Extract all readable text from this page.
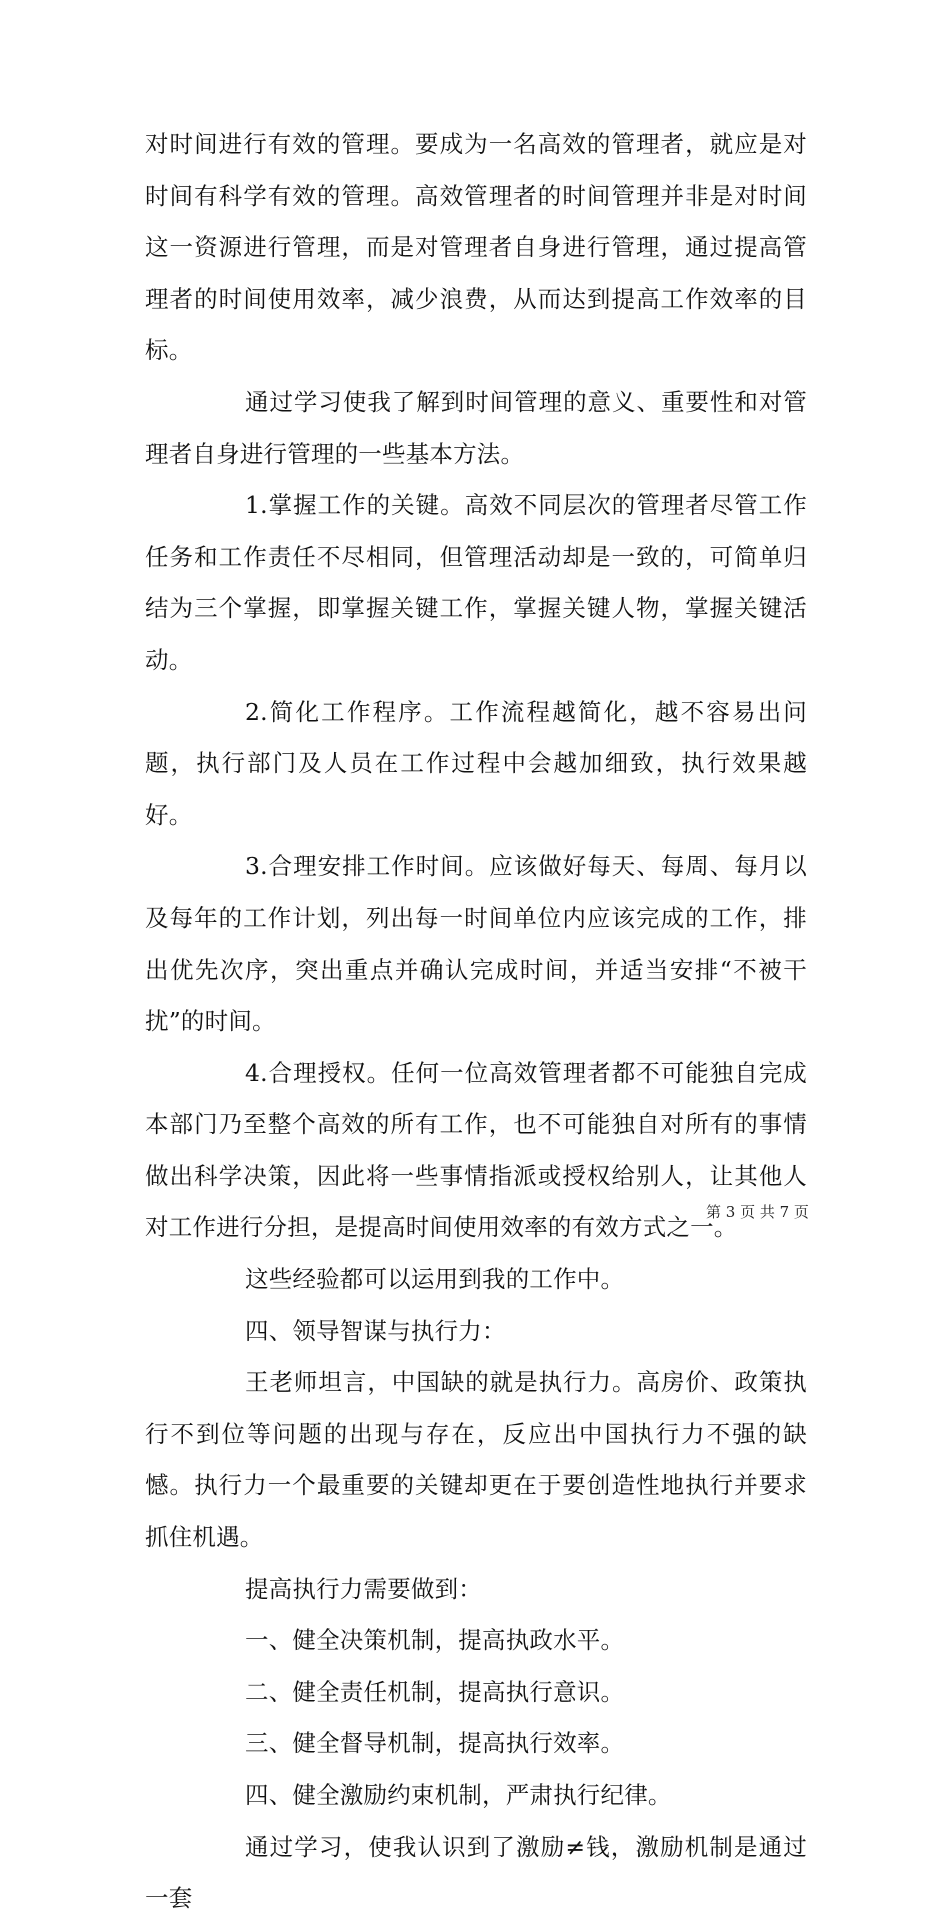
对时间进行有效的管理。要成为一名高效的管理者，就应是对时间有科学有效的管理。高效管理者的时间管理并非是对时间这一资源进行管理，而是对管理者自身进行管理，通过提高管理者的时间使用效率，减少浪费，从而达到提高工作效率的目标。

通过学习使我了解到时间管理的意义、重要性和对管理者自身进行管理的一些基本方法。

1.掌握工作的关键。高效不同层次的管理者尽管工作任务和工作责任不尽相同，但管理活动却是一致的，可简单归结为三个掌握，即掌握关键工作，掌握关键人物，掌握关键活动。

2.简化工作程序。工作流程越简化，越不容易出问题，执行部门及人员在工作过程中会越加细致，执行效果越好。

3.合理安排工作时间。应该做好每天、每周、每月以及每年的工作计划，列出每一时间单位内应该完成的工作，排出优先次序，突出重点并确认完成时间，并适当安排“不被干扰”的时间。

4.合理授权。任何一位高效管理者都不可能独自完成本部门乃至整个高效的所有工作，也不可能独自对所有的事情做出科学决策，因此将一些事情指派或授权给别人，让其他人对工作进行分担，是提高时间使用效率的有效方式之一。

这些经验都可以运用到我的工作中。

四、领导智谋与执行力：

王老师坦言，中国缺的就是执行力。高房价、政策执行不到位等问题的出现与存在，反应出中国执行力不强的缺憾。执行力一个最重要的关键却更在于要创造性地执行并要求抓住机遇。

提高执行力需要做到：

一、健全决策机制，提高执政水平。

二、健全责任机制，提高执行意识。

三、健全督导机制，提高执行效率。

四、健全激励约束机制，严肃执行纪律。

通过学习，使我认识到了激励≠钱，激励机制是通过一套

第 3 页 共 7 页
